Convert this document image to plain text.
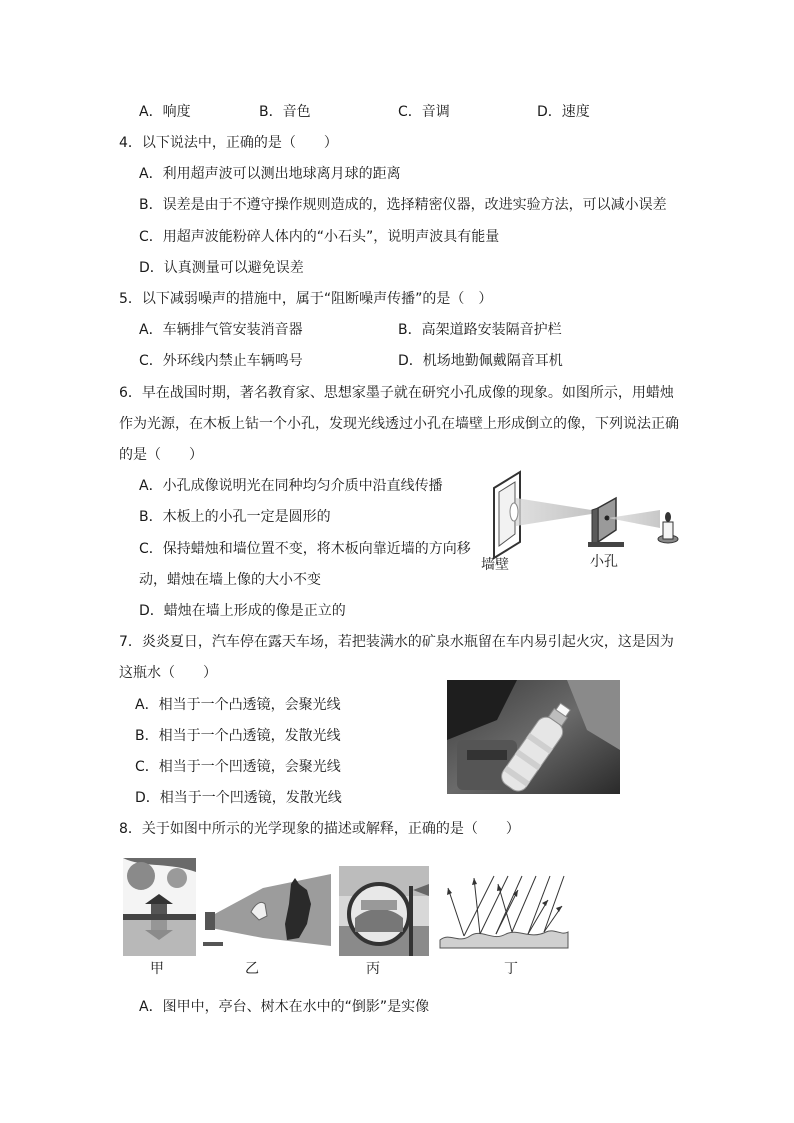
A．响度	B．音色	C．音调	D．速度
4．以下说法中，正确的是（　　）
A．利用超声波可以测出地球离月球的距离
B．误差是由于不遵守操作规则造成的，选择精密仪器，改进实验方法，可以减小误差
C．用超声波能粉碎人体内的“小石头”，说明声波具有能量
D．认真测量可以避免误差
5．以下减弱噪声的措施中，属于“阻断噪声传播”的是（　）
A．车辆排气管安装消音器	B．高架道路安装隔音护栏
C．外环线内禁止车辆鸣号	D．机场地勤佩戴隔音耳机
6．早在战国时期，著名教育家、思想家墨子就在研究小孔成像的现象。如图所示，用蜡烛
作为光源，在木板上钻一个小孔，发现光线透过小孔在墙壁上形成倒立的像，下列说法正确
的是（　　）
A．小孔成像说明光在同种均匀介质中沿直线传播
B．木板上的小孔一定是圆形的
C．保持蜡烛和墙位置不变，将木板向靠近墙的方向移
动，蜡烛在墙上像的大小不变
D．蜡烛在墙上形成的像是正立的
墙壁	小孔
7．炎炎夏日，汽车停在露天车场，若把装满水的矿泉水瓶留在车内易引起火灾，这是因为
这瓶水（　　）
A．相当于一个凸透镜，会聚光线
B．相当于一个凸透镜，发散光线
C．相当于一个凹透镜，会聚光线
D．相当于一个凹透镜，发散光线
8．关于如图中所示的光学现象的描述或解释，正确的是（　　）
甲	乙	丙	丁
A．图甲中，亭台、树木在水中的“倒影”是实像
